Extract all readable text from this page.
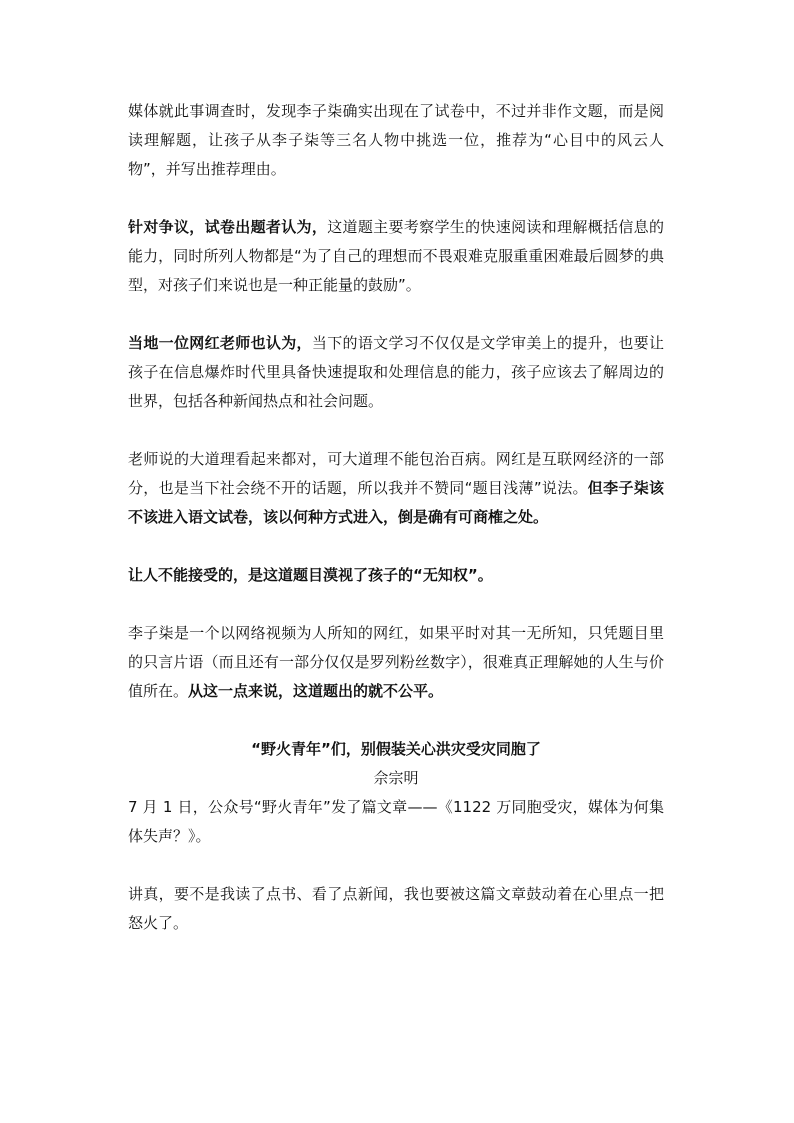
媒体就此事调查时，发现李子柒确实出现在了试卷中，不过并非作文题，而是阅读理解题，让孩子从李子柒等三名人物中挑选一位，推荐为“心目中的风云人物”，并写出推荐理由。

针对争议，试卷出题者认为，这道题主要考察学生的快速阅读和理解概括信息的能力，同时所列人物都是“为了自己的理想而不畏艰难克服重重困难最后圆梦的典型，对孩子们来说也是一种正能量的鼓励”。

当地一位网红老师也认为，当下的语文学习不仅仅是文学审美上的提升，也要让孩子在信息爆炸时代里具备快速提取和处理信息的能力，孩子应该去了解周边的世界，包括各种新闻热点和社会问题。

老师说的大道理看起来都对，可大道理不能包治百病。网红是互联网经济的一部分，也是当下社会绕不开的话题，所以我并不赞同“题目浅薄”说法。但李子柒该不该进入语文试卷，该以何种方式进入，倒是确有可商榷之处。

让人不能接受的，是这道题目漠视了孩子的“无知权”。

李子柒是一个以网络视频为人所知的网红，如果平时对其一无所知，只凭题目里的只言片语（而且还有一部分仅仅是罗列粉丝数字），很难真正理解她的人生与价值所在。从这一点来说，这道题出的就不公平。

“野火青年”们，别假装关心洪灾受灾同胞了

佘宗明

7 月 1 日，公众号“野火青年”发了篇文章——《1122 万同胞受灾，媒体为何集体失声？》。

讲真，要不是我读了点书、看了点新闻，我也要被这篇文章鼓动着在心里点一把怒火了。
